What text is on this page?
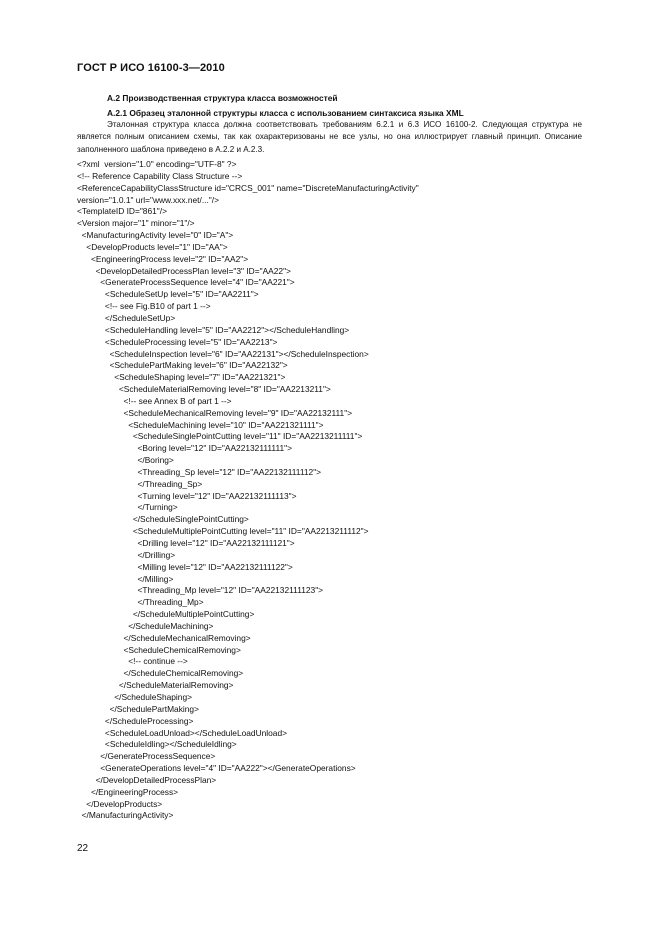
ГОСТ Р ИСО 16100-3—2010
A.2 Производственная структура класса возможностей
A.2.1 Образец эталонной структуры класса с использованием синтаксиса языка XML

Эталонная структура класса должна соответствовать требованиям 6.2.1 и 6.3 ИСО 16100-2. Следующая структура не является полным описанием схемы, так как охарактеризованы не все узлы, но она иллюстрирует главный принцип. Описание заполненного шаблона приведено в A.2.2 и A.2.3.

<?xml  version="1.0" encoding="UTF-8" ?>
<!-- Reference Capability Class Structure -->
<ReferenceCapabilityClassStructure id="CRCS_001" name="DiscreteManufacturingActivity"
version="1.0.1" url="www.xxx.net/..."/>
<TemplateID ID="861"/>
<Version major="1" minor="1"/>
<ManufacturingActivity level="0" ID="A">
<DevelopProducts level="1" ID="AA">
<EngineeringProcess level="2" ID="AA2">
<DevelopDetailedProcessPlan level="3" ID="AA22">
<GenerateProcessSequence level="4" ID="AA221">
<ScheduleSetUp level="5" ID="AA2211">
<!-- see Fig.B10 of part 1 -->
</ScheduleSetUp>
<ScheduleHandling level="5" ID="AA2212"></ScheduleHandling>
<ScheduleProcessing level="5" ID="AA2213">
<ScheduleInspection level="6" ID="AA22131"></ScheduleInspection>
<SchedulePartMaking level="6" ID="AA22132">
<ScheduleShaping level="7" ID="AA221321">
<ScheduleMaterialRemoving level="8" ID="AA2213211">
<!-- see Annex B of part 1 -->
<ScheduleMechanicalRemoving level="9" ID="AA22132111">
<ScheduleMachining level="10" ID="AA221321111">
<ScheduleSinglePointCutting level="11" ID="AA2213211111">
<Boring level="12" ID="AA22132111111">
</Boring>
<Threading_Sp level="12" ID="AA22132111112">
</Threading_Sp>
<Turning level="12" ID="AA22132111113">
</Turning>
</ScheduleSinglePointCutting>
<ScheduleMultiplePointCutting level="11" ID="AA2213211112">
<Drilling level="12" ID="AA22132111121">
</Drilling>
<Milling level="12" ID="AA22132111122">
</Milling>
<Threading_Mp level="12" ID="AA22132111123">
</Threading_Mp>
</ScheduleMultiplePointCutting>
</ScheduleMachining>
</ScheduleMechanicalRemoving>
<ScheduleChemicalRemoving>
<!-- continue -->
</ScheduleChemicalRemoving>
</ScheduleMaterialRemoving>
</ScheduleShaping>
</SchedulePartMaking>
</ScheduleProcessing>
<ScheduleLoadUnload></ScheduleLoadUnload>
<ScheduleIdling></ScheduleIdling>
</GenerateProcessSequence>
<GenerateOperations level="4" ID="AA222"></GenerateOperations>
</DevelopDetailedProcessPlan>
</EngineeringProcess>
</DevelopProducts>
</ManufacturingActivity>
22
